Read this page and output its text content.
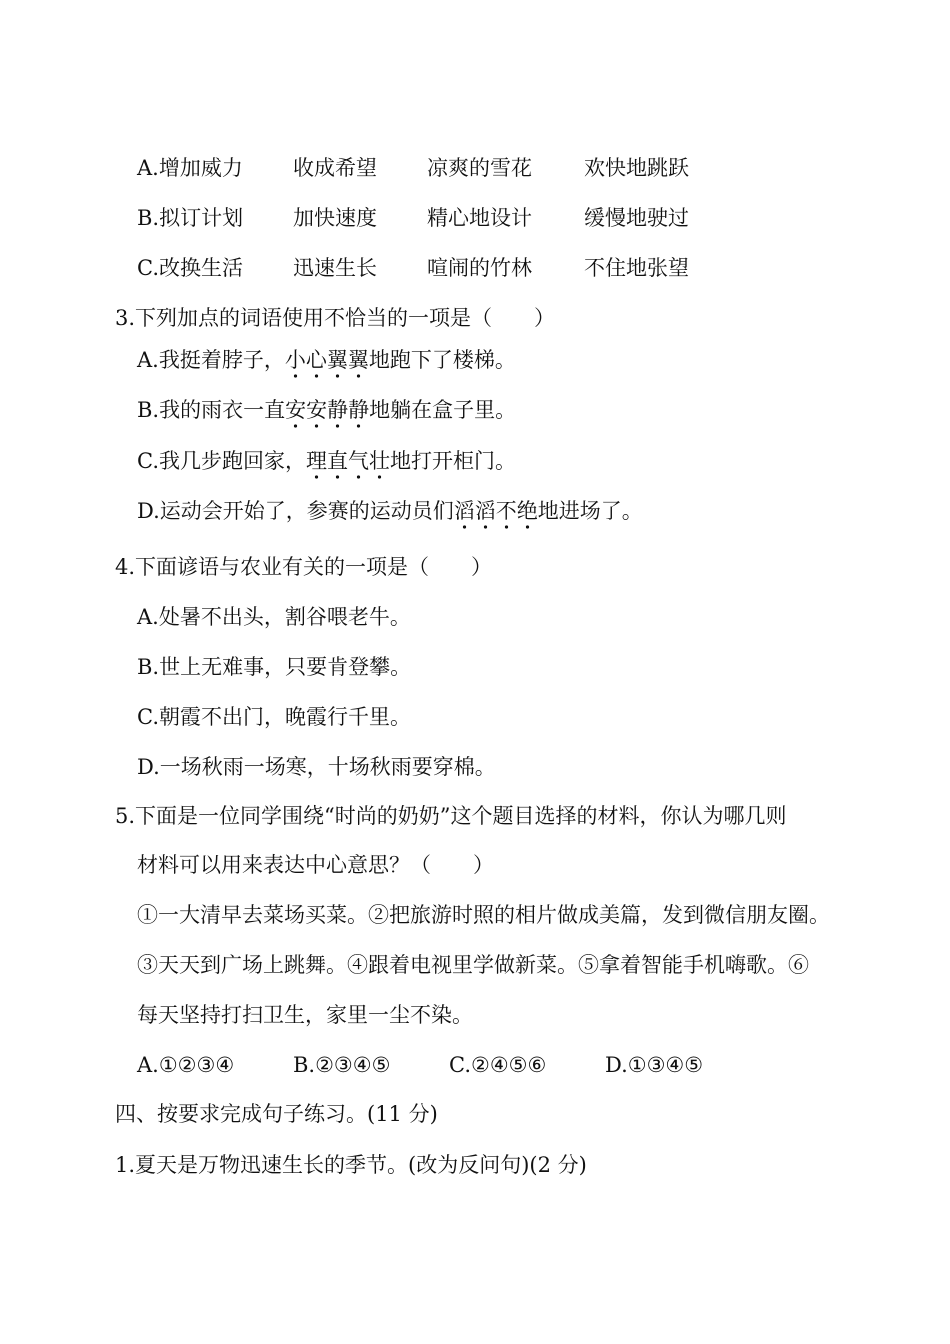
A.增加威力 收成希望 凉爽的雪花 欢快地跳跃
B.拟订计划 加快速度 精心地设计 缓慢地驶过
C.改换生活 迅速生长 喧闹的竹林 不住地张望
3.下列加点的词语使用不恰当的一项是（　　）
A.我挺着脖子，小心翼翼地跑下了楼梯。
B.我的雨衣一直安安静静地躺在盒子里。
C.我几步跑回家，理直气壮地打开柜门。
D.运动会开始了，参赛的运动员们滔滔不绝地进场了。
4.下面谚语与农业有关的一项是（　　）
A.处暑不出头，割谷喂老牛。
B.世上无难事，只要肯登攀。
C.朝霞不出门，晚霞行千里。
D.一场秋雨一场寒，十场秋雨要穿棉。
5.下面是一位同学围绕“时尚的奶奶”这个题目选择的材料，你认为哪几则
材料可以用来表达中心意思？（　　）
①一大清早去菜场买菜。②把旅游时照的相片做成美篇，发到微信朋友圈。
③天天到广场上跳舞。④跟着电视里学做新菜。⑤拿着智能手机嗨歌。⑥
每天坚持打扫卫生，家里一尘不染。
A.①②③④	B.②③④⑤	C.②④⑤⑥	D.①③④⑤
四、按要求完成句子练习。(11 分)
1.夏天是万物迅速生长的季节。(改为反问句)(2 分)
